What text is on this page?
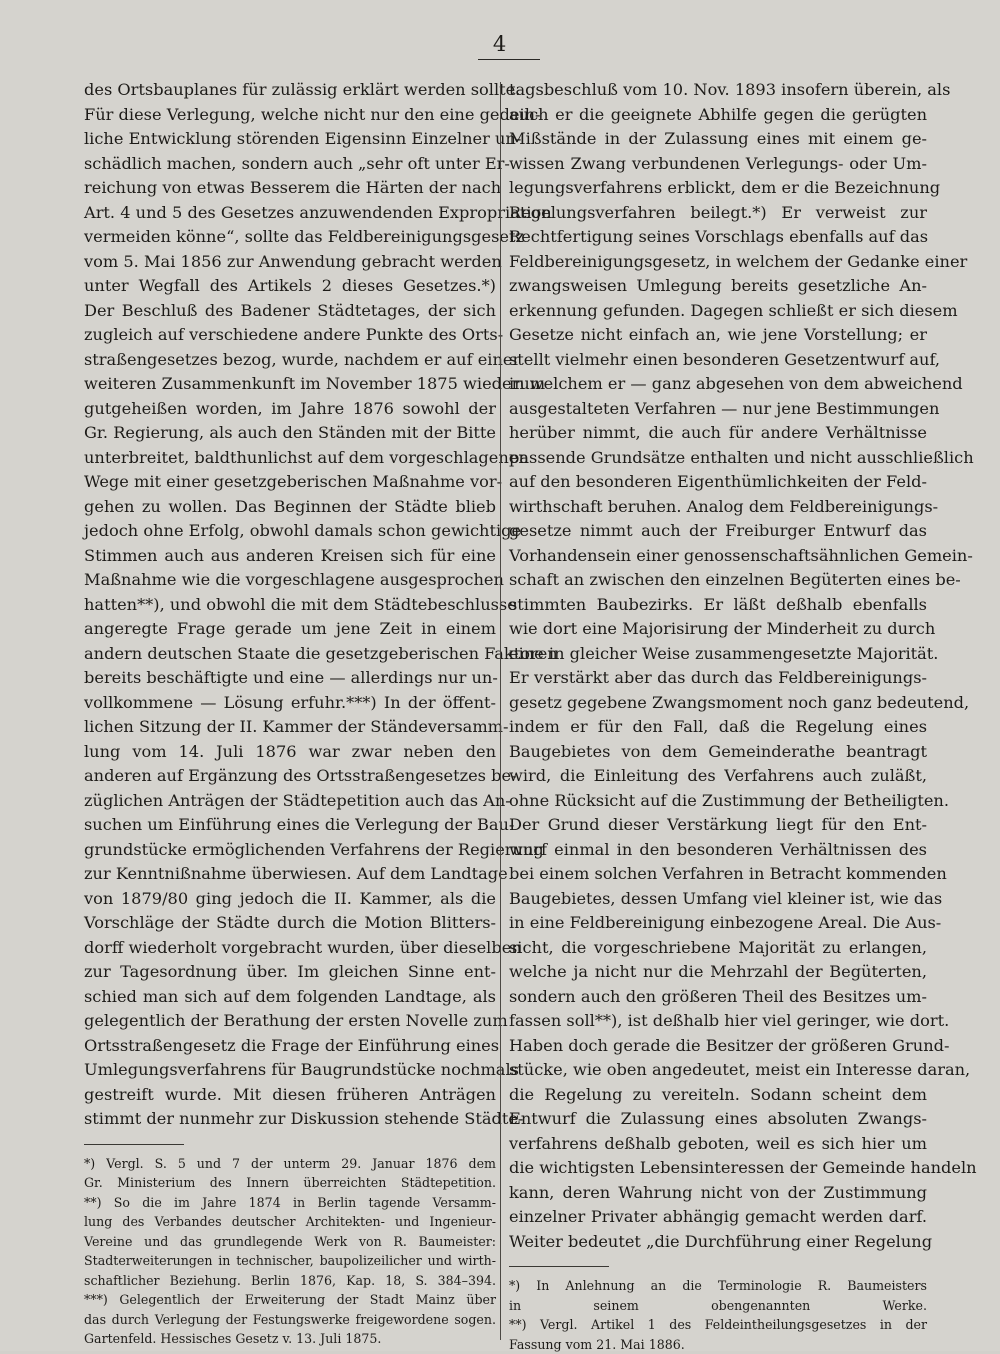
4
des Ortsbauplanes für zulässig erklärt werden sollte.
Für diese Verlegung, welche nicht nur den eine gedeih-
liche Entwicklung störenden Eigensinn Einzelner un-
schädlich machen, sondern auch „sehr oft unter Er-
reichung von etwas Besserem die Härten der nach
Art. 4 und 5 des Gesetzes anzuwendenden Expropriation
vermeiden könne“, sollte das Feldbereinigungsgesetz
vom 5. Mai 1856 zur Anwendung gebracht werden
unter Wegfall des Artikels 2 dieses Gesetzes.*)
Der Beschluß des Badener Städtetages, der sich
zugleich auf verschiedene andere Punkte des Orts-
straßengesetzes bezog, wurde, nachdem er auf einer
weiteren Zusammenkunft im November 1875 wiederum
gutgeheißen worden, im Jahre 1876 sowohl der
Gr. Regierung, als auch den Ständen mit der Bitte
unterbreitet, baldthunlichst auf dem vorgeschlagenen
Wege mit einer gesetzgeberischen Maßnahme vor-
gehen zu wollen. Das Beginnen der Städte blieb
jedoch ohne Erfolg, obwohl damals schon gewichtige
Stimmen auch aus anderen Kreisen sich für eine
Maßnahme wie die vorgeschlagene ausgesprochen
hatten**), und obwohl die mit dem Städtebeschlusse
angeregte Frage gerade um jene Zeit in einem
andern deutschen Staate die gesetzgeberischen Faktoren
bereits beschäftigte und eine — allerdings nur un-
vollkommene — Lösung erfuhr.***) In der öffent-
lichen Sitzung der II. Kammer der Ständeversamm-
lung vom 14. Juli 1876 war zwar neben den
anderen auf Ergänzung des Ortsstraßengesetzes be-
züglichen Anträgen der Städtepetition auch das An-
suchen um Einführung eines die Verlegung der Bau-
grundstücke ermöglichenden Verfahrens der Regierung
zur Kenntnißnahme überwiesen. Auf dem Landtage
von 1879/80 ging jedoch die II. Kammer, als die
Vorschläge der Städte durch die Motion Blitters-
dorff wiederholt vorgebracht wurden, über dieselben
zur Tagesordnung über. Im gleichen Sinne ent-
schied man sich auf dem folgenden Landtage, als
gelegentlich der Berathung der ersten Novelle zum
Ortsstraßengesetz die Frage der Einführung eines
Umlegungsverfahrens für Baugrundstücke nochmals
gestreift wurde. Mit diesen früheren Anträgen
stimmt der nunmehr zur Diskussion stehende Städte-
*) Vergl. S. 5 und 7 der unterm 29. Januar 1876 dem
Gr. Ministerium des Innern überreichten Städtepetition.
**) So die im Jahre 1874 in Berlin tagende Versamm-
lung des Verbandes deutscher Architekten- und Ingenieur-
Vereine und das grundlegende Werk von R. Baumeister:
Stadterweiterungen in technischer, baupolizeilicher und wirth-
schaftlicher Beziehung. Berlin 1876, Kap. 18, S. 384–394.
***) Gelegentlich der Erweiterung der Stadt Mainz über
das durch Verlegung der Festungswerke freigewordene sogen.
Gartenfeld. Hessisches Gesetz v. 13. Juli 1875.
tagsbeschluß vom 10. Nov. 1893 insofern überein, als
auch er die geeignete Abhilfe gegen die gerügten
Mißstände in der Zulassung eines mit einem ge-
wissen Zwang verbundenen Verlegungs- oder Um-
legungsverfahrens erblickt, dem er die Bezeichnung
Regelungsverfahren beilegt.*) Er verweist zur
Rechtfertigung seines Vorschlags ebenfalls auf das
Feldbereinigungsgesetz, in welchem der Gedanke einer
zwangsweisen Umlegung bereits gesetzliche An-
erkennung gefunden. Dagegen schließt er sich diesem
Gesetze nicht einfach an, wie jene Vorstellung; er
stellt vielmehr einen besonderen Gesetzentwurf auf,
in welchem er — ganz abgesehen von dem abweichend
ausgestalteten Verfahren — nur jene Bestimmungen
herüber nimmt, die auch für andere Verhältnisse
passende Grundsätze enthalten und nicht ausschließlich
auf den besonderen Eigenthümlichkeiten der Feld-
wirthschaft beruhen. Analog dem Feldbereinigungs-
gesetze nimmt auch der Freiburger Entwurf das
Vorhandensein einer genossenschaftsähnlichen Gemein-
schaft an zwischen den einzelnen Begüterten eines be-
stimmten Baubezirks. Er läßt deßhalb ebenfalls
wie dort eine Majorisirung der Minderheit zu durch
eine in gleicher Weise zusammengesetzte Majorität.
Er verstärkt aber das durch das Feldbereinigungs-
gesetz gegebene Zwangsmoment noch ganz bedeutend,
indem er für den Fall, daß die Regelung eines
Baugebietes von dem Gemeinderathe beantragt
wird, die Einleitung des Verfahrens auch zuläßt,
ohne Rücksicht auf die Zustimmung der Betheiligten.
Der Grund dieser Verstärkung liegt für den Ent-
wurf einmal in den besonderen Verhältnissen des
bei einem solchen Verfahren in Betracht kommenden
Baugebietes, dessen Umfang viel kleiner ist, wie das
in eine Feldbereinigung einbezogene Areal. Die Aus-
sicht, die vorgeschriebene Majorität zu erlangen,
welche ja nicht nur die Mehrzahl der Begüterten,
sondern auch den größeren Theil des Besitzes um-
fassen soll**), ist deßhalb hier viel geringer, wie dort.
Haben doch gerade die Besitzer der größeren Grund-
stücke, wie oben angedeutet, meist ein Interesse daran,
die Regelung zu vereiteln. Sodann scheint dem
Entwurf die Zulassung eines absoluten Zwangs-
verfahrens deßhalb geboten, weil es sich hier um
die wichtigsten Lebensinteressen der Gemeinde handeln
kann, deren Wahrung nicht von der Zustimmung
einzelner Privater abhängig gemacht werden darf.
Weiter bedeutet „die Durchführung einer Regelung
*) In Anlehnung an die Terminologie R. Baumeisters
in seinem obengenannten Werke.
**) Vergl. Artikel 1 des Feldeintheilungsgesetzes in der
Fassung vom 21. Mai 1886.
